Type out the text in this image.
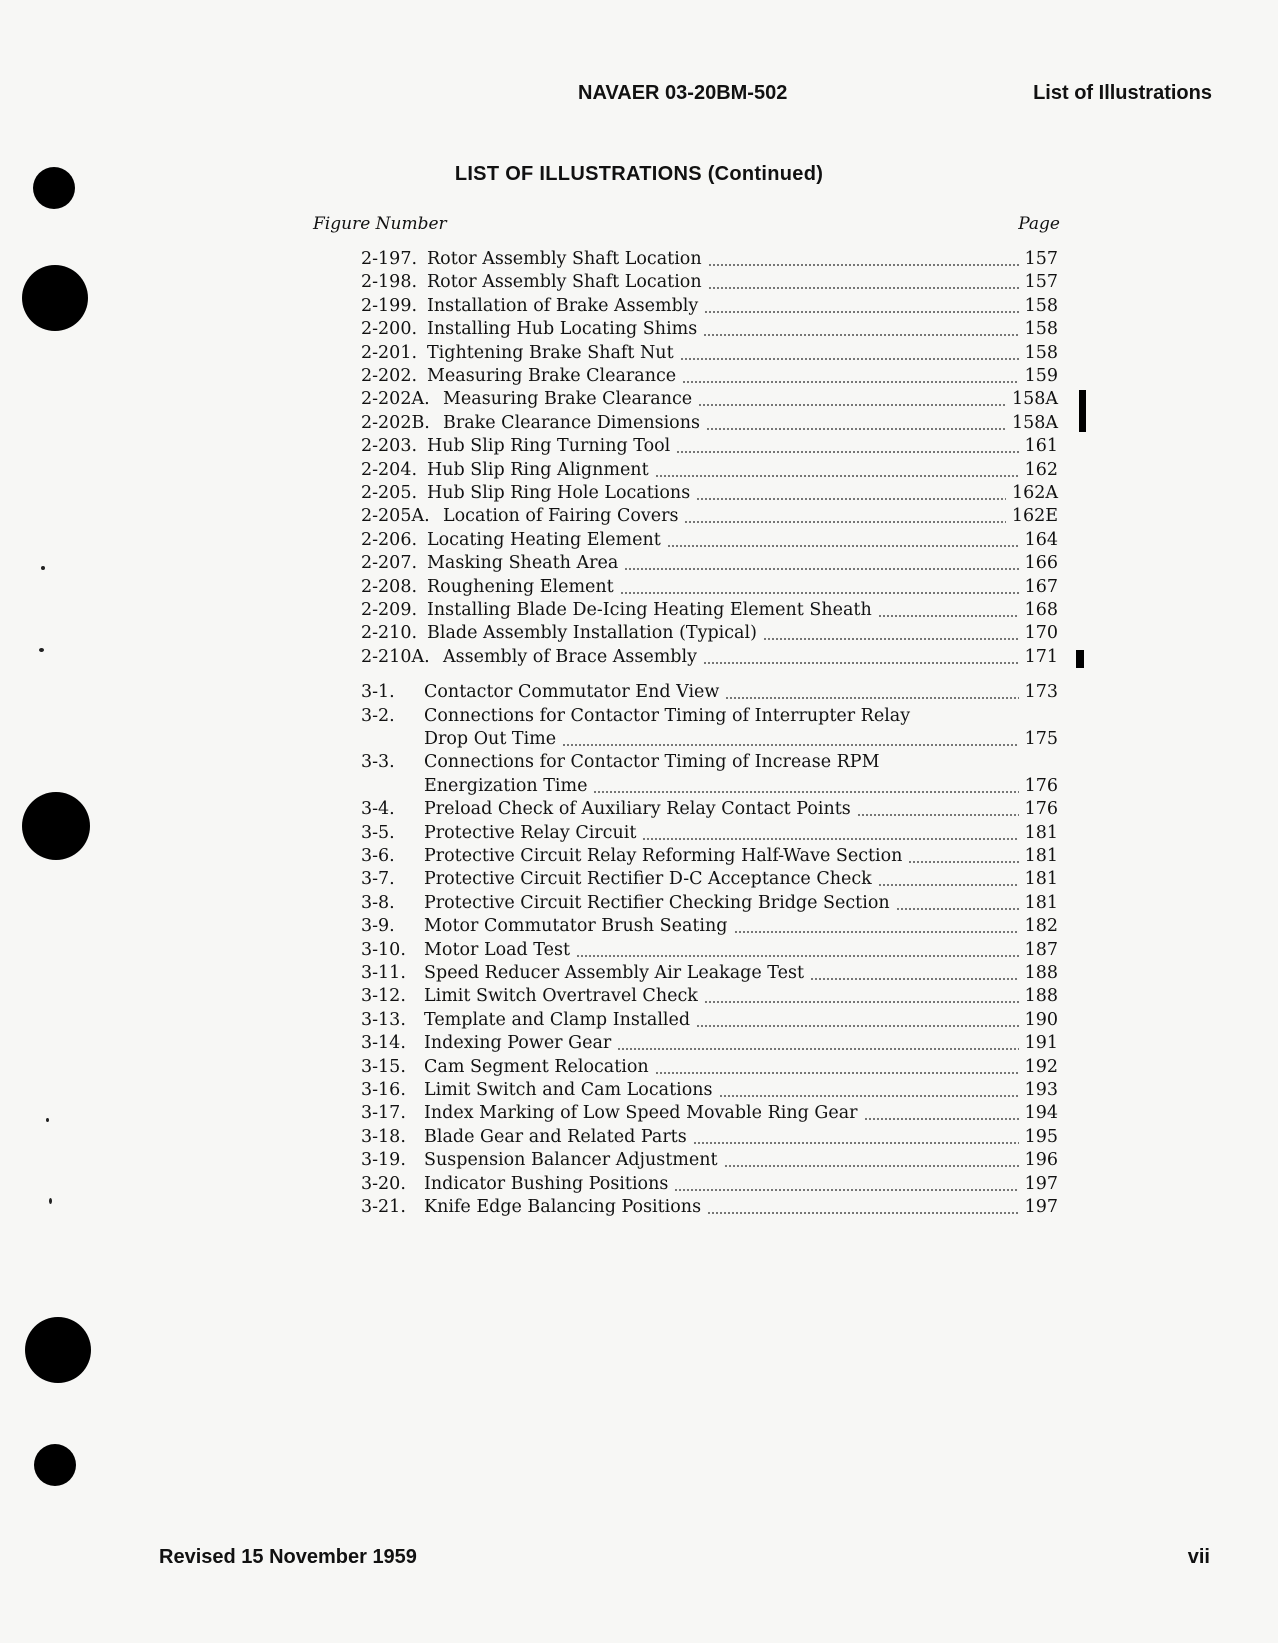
NAVAER 03-20BM-502	List of Illustrations
LIST OF ILLUSTRATIONS (Continued)
Figure Number	Page
2-197. Rotor Assembly Shaft Location	157
2-198. Rotor Assembly Shaft Location	157
2-199. Installation of Brake Assembly	158
2-200. Installing Hub Locating Shims	158
2-201. Tightening Brake Shaft Nut	158
2-202. Measuring Brake Clearance	159
2-202A. Measuring Brake Clearance	158A
2-202B. Brake Clearance Dimensions	158A
2-203. Hub Slip Ring Turning Tool	161
2-204. Hub Slip Ring Alignment	162
2-205. Hub Slip Ring Hole Locations	162A
2-205A. Location of Fairing Covers	162E
2-206. Locating Heating Element	164
2-207. Masking Sheath Area	166
2-208. Roughening Element	167
2-209. Installing Blade De-Icing Heating Element Sheath	168
2-210. Blade Assembly Installation (Typical)	170
2-210A. Assembly of Brace Assembly	171
3-1. Contactor Commutator End View	173
3-2. Connections for Contactor Timing of Interrupter Relay
Drop Out Time	175
3-3. Connections for Contactor Timing of Increase RPM
Energization Time	176
3-4. Preload Check of Auxiliary Relay Contact Points	176
3-5. Protective Relay Circuit	181
3-6. Protective Circuit Relay Reforming Half-Wave Section	181
3-7. Protective Circuit Rectifier D-C Acceptance Check	181
3-8. Protective Circuit Rectifier Checking Bridge Section	181
3-9. Motor Commutator Brush Seating	182
3-10. Motor Load Test	187
3-11. Speed Reducer Assembly Air Leakage Test	188
3-12. Limit Switch Overtravel Check	188
3-13. Template and Clamp Installed	190
3-14. Indexing Power Gear	191
3-15. Cam Segment Relocation	192
3-16. Limit Switch and Cam Locations	193
3-17. Index Marking of Low Speed Movable Ring Gear	194
3-18. Blade Gear and Related Parts	195
3-19. Suspension Balancer Adjustment	196
3-20. Indicator Bushing Positions	197
3-21. Knife Edge Balancing Positions	197
Revised 15 November 1959	vii
